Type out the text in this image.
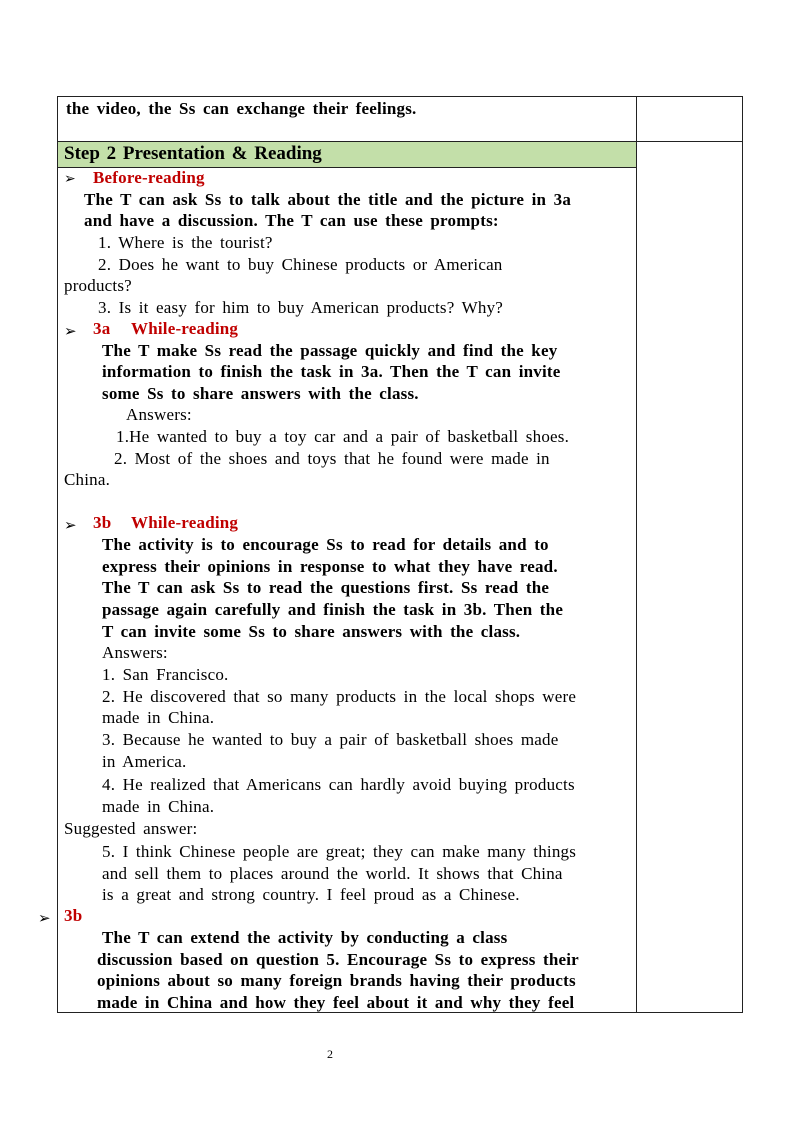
the video, the Ss can exchange their feelings.
Step 2 Presentation & Reading
➢ Before-reading
The T can ask Ss to talk about the title and the picture in 3a
and have a discussion. The T can use these prompts:
1. Where is the tourist?
2. Does he want to buy Chinese products or American
products?
3. Is it easy for him to buy American products? Why?
➢ 3a While-reading
The T make Ss read the passage quickly and find the key
information to finish the task in 3a. Then the T can invite
some Ss to share answers with the class.
Answers:
1.He wanted to buy a toy car and a pair of basketball shoes.
2. Most of the shoes and toys that he found were made in
China.
➢ 3b While-reading
The activity is to encourage Ss to read for details and to
express their opinions in response to what they have read.
The T can ask Ss to read the questions first. Ss read the
passage again carefully and finish the task in 3b. Then the
T can invite some Ss to share answers with the class.
Answers:
1. San Francisco.
2. He discovered that so many products in the local shops were
made in China.
3. Because he wanted to buy a pair of basketball shoes made
in America.
4. He realized that Americans can hardly avoid buying products
made in China.
Suggested answer:
5. I think Chinese people are great; they can make many things
and sell them to places around the world. It shows that China
is a great and strong country. I feel proud as a Chinese.
➢ 3b
The T can extend the activity by conducting a class
discussion based on question 5. Encourage Ss to express their
opinions about so many foreign brands having their products
made in China and how they feel about it and why they feel
2
